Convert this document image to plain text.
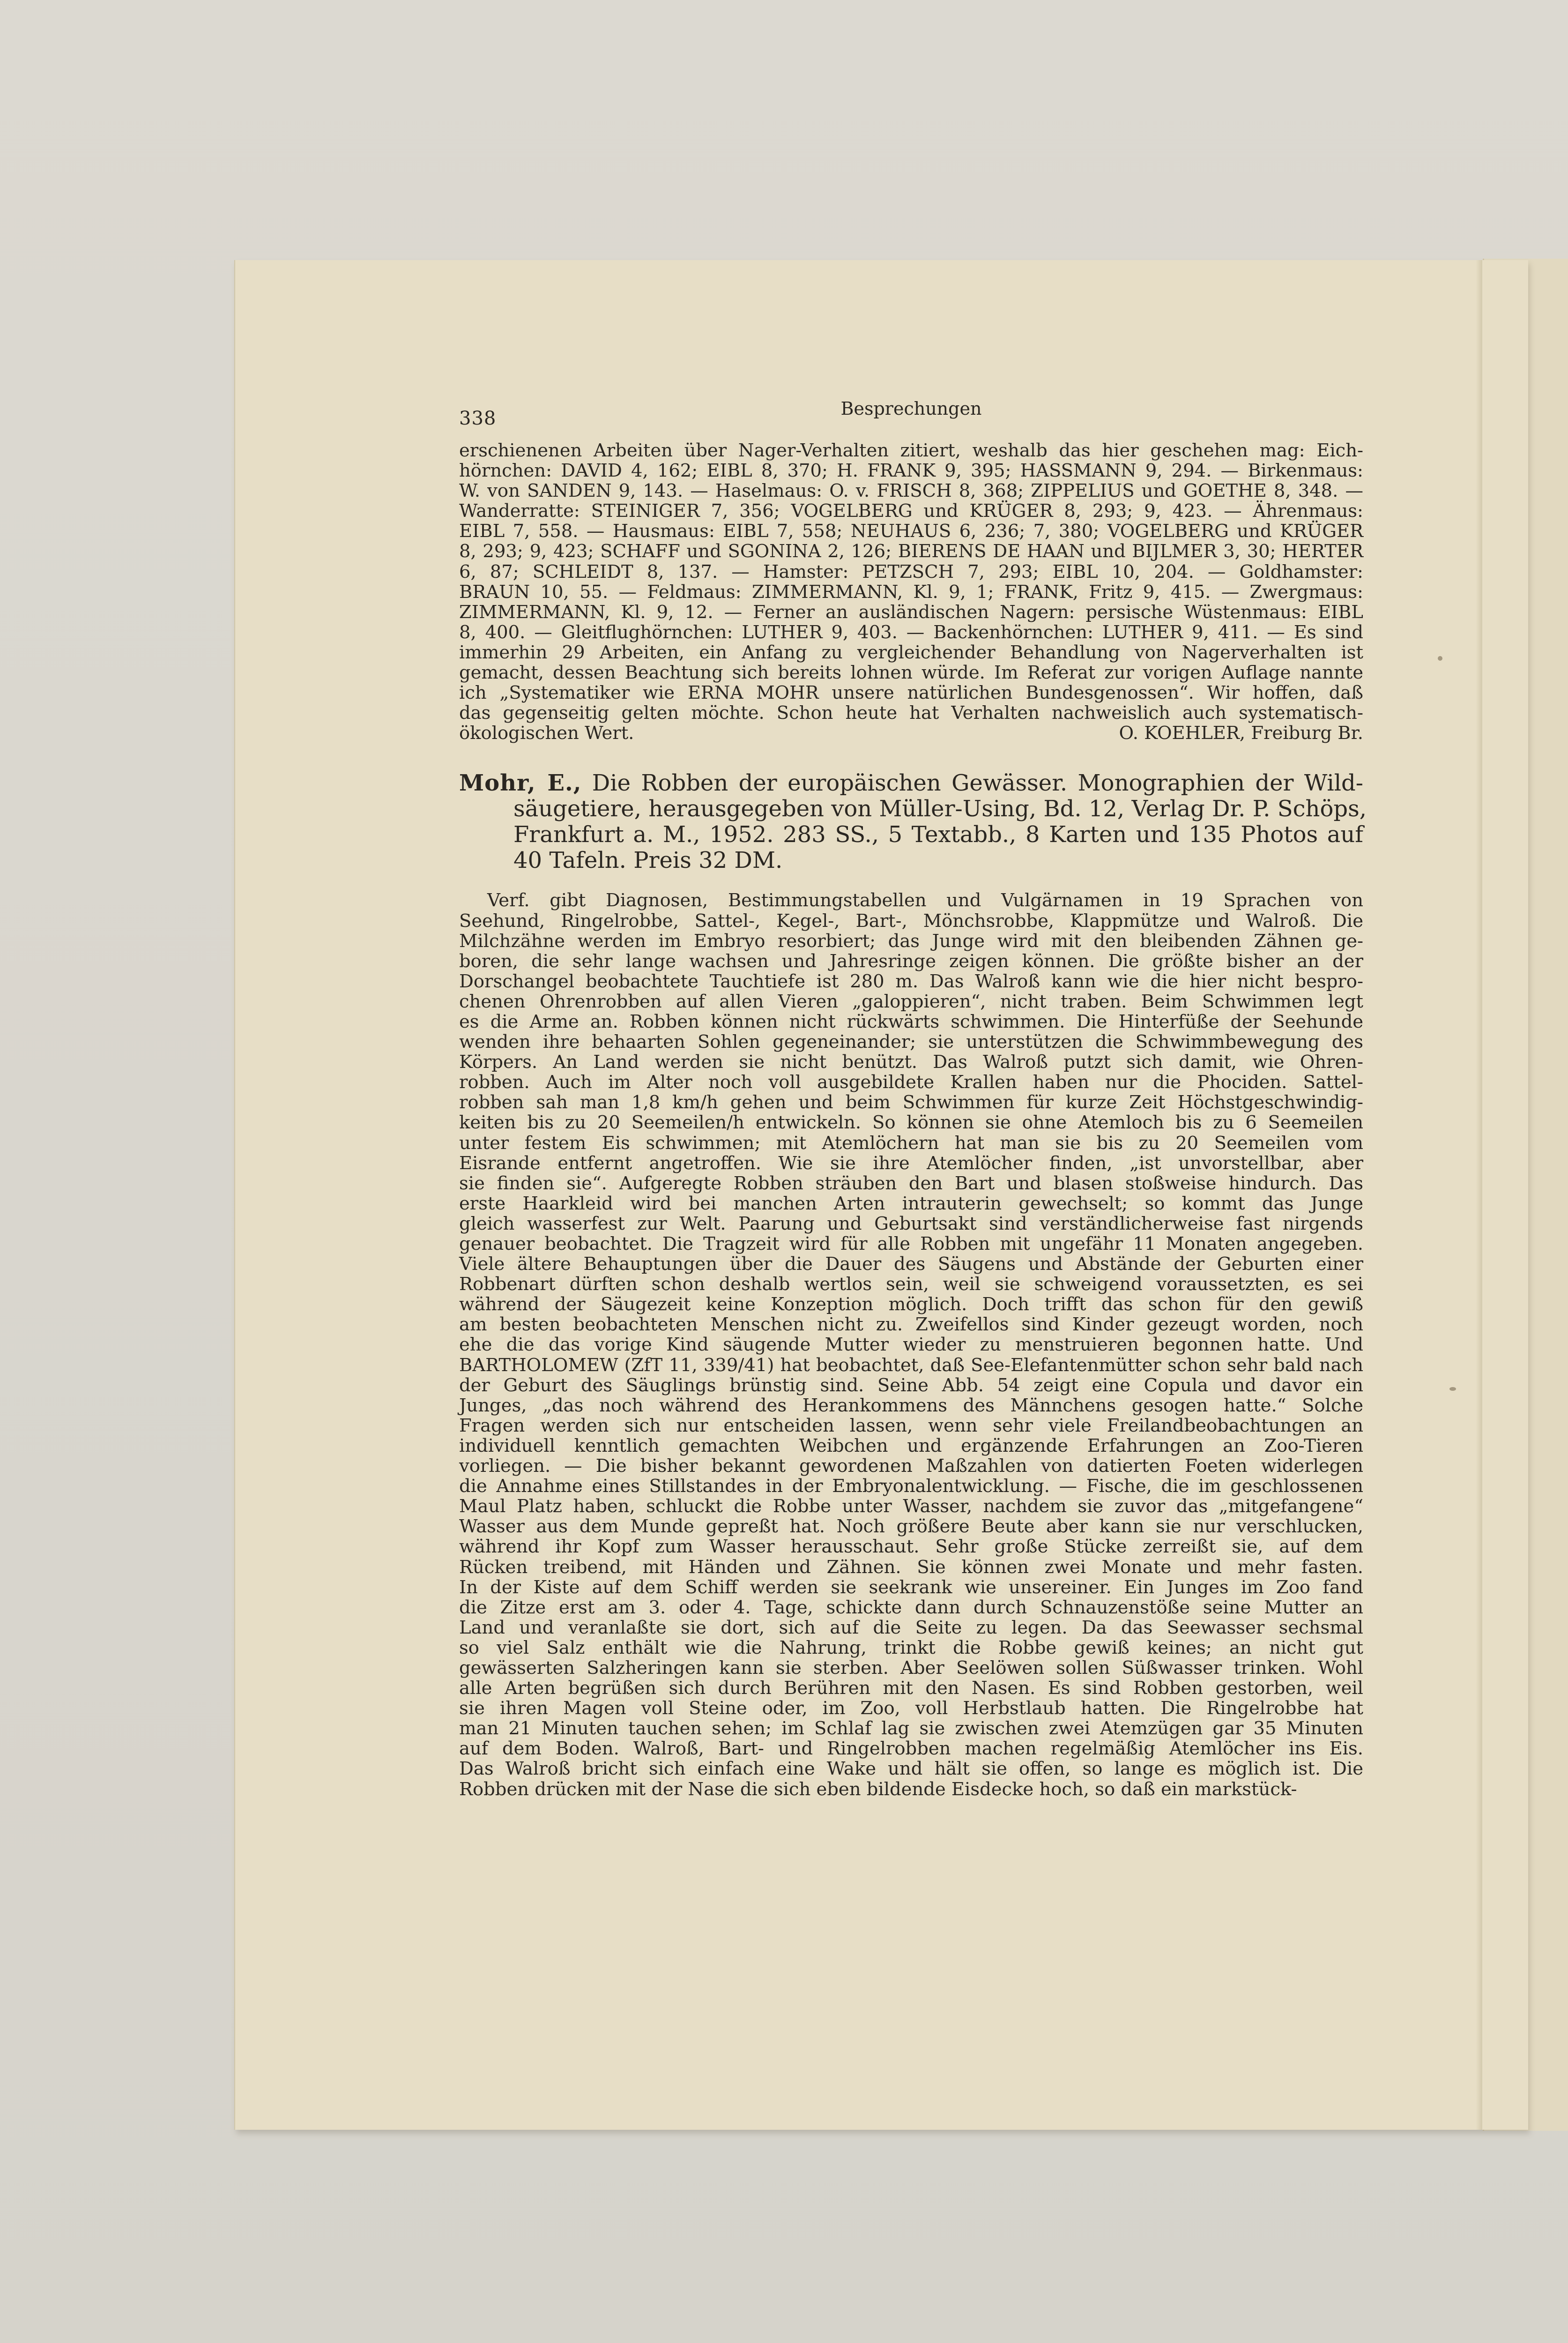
338	Besprechungen
erschienenen Arbeiten über Nager-Verhalten zitiert, weshalb das hier geschehen mag: Eich-
hörnchen: DAVID 4, 162; EIBL 8, 370; H. FRANK 9, 395; HASSMANN 9, 294. — Birkenmaus:
W. von SANDEN 9, 143. — Haselmaus: O. v. FRISCH 8, 368; ZIPPELIUS und GOETHE 8, 348. —
Wanderratte: STEINIGER 7, 356; VOGELBERG und KRÜGER 8, 293; 9, 423. — Ährenmaus:
EIBL 7, 558. — Hausmaus: EIBL 7, 558; NEUHAUS 6, 236; 7, 380; VOGELBERG und KRÜGER
8, 293; 9, 423; SCHAFF und SGONINA 2, 126; BIERENS DE HAAN und BIJLMER 3, 30; HERTER
6, 87; SCHLEIDT 8, 137. — Hamster: PETZSCH 7, 293; EIBL 10, 204. — Goldhamster:
BRAUN 10, 55. — Feldmaus: ZIMMERMANN, Kl. 9, 1; FRANK, Fritz 9, 415. — Zwergmaus:
ZIMMERMANN, Kl. 9, 12. — Ferner an ausländischen Nagern: persische Wüstenmaus: EIBL
8, 400. — Gleitflughörnchen: LUTHER 9, 403. — Backenhörnchen: LUTHER 9, 411. — Es sind
immerhin 29 Arbeiten, ein Anfang zu vergleichender Behandlung von Nagerverhalten ist
gemacht, dessen Beachtung sich bereits lohnen würde. Im Referat zur vorigen Auflage nannte
ich „Systematiker wie ERNA MOHR unsere natürlichen Bundesgenossen“. Wir hoffen, daß
das gegenseitig gelten möchte. Schon heute hat Verhalten nachweislich auch systematisch-
ökologischen Wert.	O. KOEHLER, Freiburg Br.
Mohr, E., Die Robben der europäischen Gewässer. Monographien der Wild-
säugetiere, herausgegeben von Müller-Using, Bd. 12, Verlag Dr. P. Schöps,
Frankfurt a. M., 1952. 283 SS., 5 Textabb., 8 Karten und 135 Photos auf
40 Tafeln. Preis 32 DM.
Verf. gibt Diagnosen, Bestimmungstabellen und Vulgärnamen in 19 Sprachen von
Seehund, Ringelrobbe, Sattel-, Kegel-, Bart-, Mönchsrobbe, Klappmütze und Walroß. Die
Milchzähne werden im Embryo resorbiert; das Junge wird mit den bleibenden Zähnen ge-
boren, die sehr lange wachsen und Jahresringe zeigen können. Die größte bisher an der
Dorschangel beobachtete Tauchtiefe ist 280 m. Das Walroß kann wie die hier nicht bespro-
chenen Ohrenrobben auf allen Vieren „galoppieren“, nicht traben. Beim Schwimmen legt
es die Arme an. Robben können nicht rückwärts schwimmen. Die Hinterfüße der Seehunde
wenden ihre behaarten Sohlen gegeneinander; sie unterstützen die Schwimmbewegung des
Körpers. An Land werden sie nicht benützt. Das Walroß putzt sich damit, wie Ohren-
robben. Auch im Alter noch voll ausgebildete Krallen haben nur die Phociden. Sattel-
robben sah man 1,8 km/h gehen und beim Schwimmen für kurze Zeit Höchstgeschwindig-
keiten bis zu 20 Seemeilen/h entwickeln. So können sie ohne Atemloch bis zu 6 Seemeilen
unter festem Eis schwimmen; mit Atemlöchern hat man sie bis zu 20 Seemeilen vom
Eisrande entfernt angetroffen. Wie sie ihre Atemlöcher finden, „ist unvorstellbar, aber
sie finden sie“. Aufgeregte Robben sträuben den Bart und blasen stoßweise hindurch. Das
erste Haarkleid wird bei manchen Arten intrauterin gewechselt; so kommt das Junge
gleich wasserfest zur Welt. Paarung und Geburtsakt sind verständlicherweise fast nirgends
genauer beobachtet. Die Tragzeit wird für alle Robben mit ungefähr 11 Monaten angegeben.
Viele ältere Behauptungen über die Dauer des Säugens und Abstände der Geburten einer
Robbenart dürften schon deshalb wertlos sein, weil sie schweigend voraussetzten, es sei
während der Säugezeit keine Konzeption möglich. Doch trifft das schon für den gewiß
am besten beobachteten Menschen nicht zu. Zweifellos sind Kinder gezeugt worden, noch
ehe die das vorige Kind säugende Mutter wieder zu menstruieren begonnen hatte. Und
BARTHOLOMEW (ZfT 11, 339/41) hat beobachtet, daß See-Elefantenmütter schon sehr bald nach
der Geburt des Säuglings brünstig sind. Seine Abb. 54 zeigt eine Copula und davor ein
Junges, „das noch während des Herankommens des Männchens gesogen hatte.“ Solche
Fragen werden sich nur entscheiden lassen, wenn sehr viele Freilandbeobachtungen an
individuell kenntlich gemachten Weibchen und ergänzende Erfahrungen an Zoo-Tieren
vorliegen. — Die bisher bekannt gewordenen Maßzahlen von datierten Foeten widerlegen
die Annahme eines Stillstandes in der Embryonalentwicklung. — Fische, die im geschlossenen
Maul Platz haben, schluckt die Robbe unter Wasser, nachdem sie zuvor das „mitgefangene“
Wasser aus dem Munde gepreßt hat. Noch größere Beute aber kann sie nur verschlucken,
während ihr Kopf zum Wasser herausschaut. Sehr große Stücke zerreißt sie, auf dem
Rücken treibend, mit Händen und Zähnen. Sie können zwei Monate und mehr fasten.
In der Kiste auf dem Schiff werden sie seekrank wie unsereiner. Ein Junges im Zoo fand
die Zitze erst am 3. oder 4. Tage, schickte dann durch Schnauzenstöße seine Mutter an
Land und veranlaßte sie dort, sich auf die Seite zu legen. Da das Seewasser sechsmal
so viel Salz enthält wie die Nahrung, trinkt die Robbe gewiß keines; an nicht gut
gewässerten Salzheringen kann sie sterben. Aber Seelöwen sollen Süßwasser trinken. Wohl
alle Arten begrüßen sich durch Berühren mit den Nasen. Es sind Robben gestorben, weil
sie ihren Magen voll Steine oder, im Zoo, voll Herbstlaub hatten. Die Ringelrobbe hat
man 21 Minuten tauchen sehen; im Schlaf lag sie zwischen zwei Atemzügen gar 35 Minuten
auf dem Boden. Walroß, Bart- und Ringelrobben machen regelmäßig Atemlöcher ins Eis.
Das Walroß bricht sich einfach eine Wake und hält sie offen, so lange es möglich ist. Die
Robben drücken mit der Nase die sich eben bildende Eisdecke hoch, so daß ein markstück-
